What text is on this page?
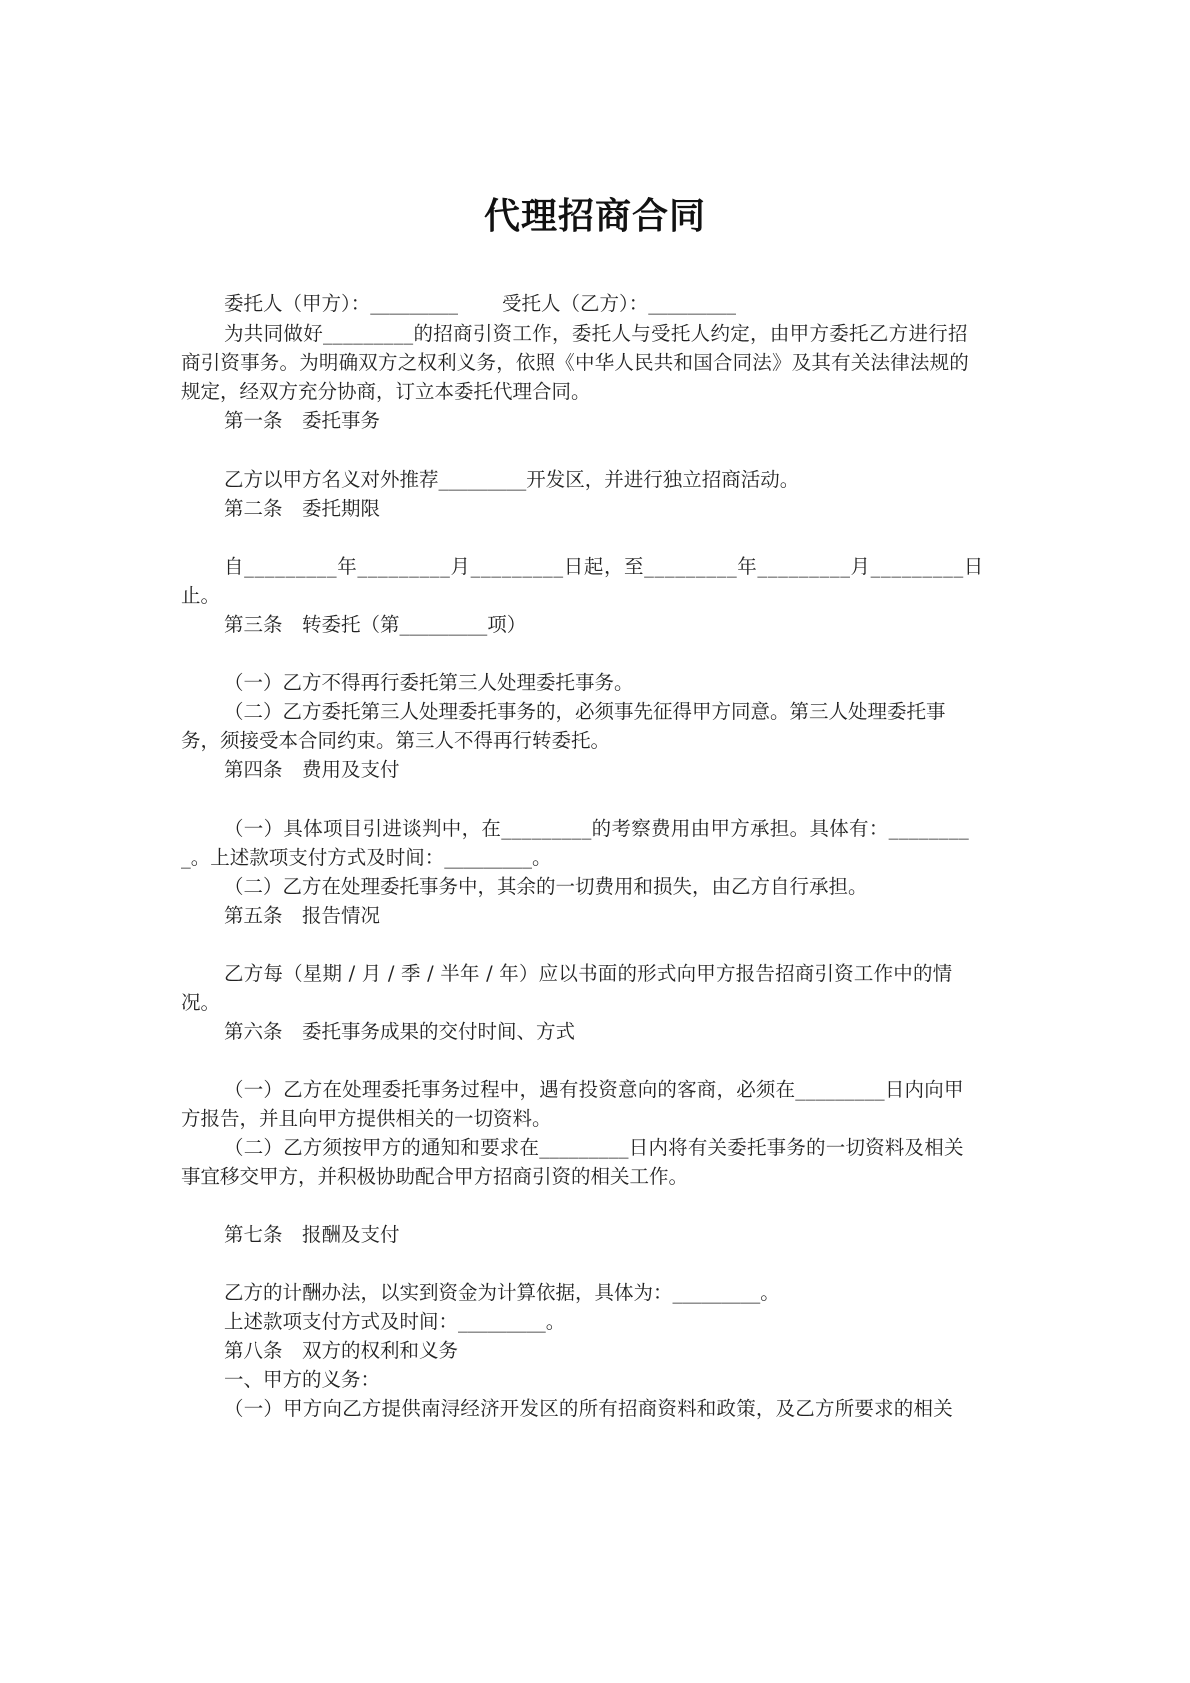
代理招商合同
委托人（甲方）：_________ 受托人（乙方）：_________
为共同做好_________的招商引资工作，委托人与受托人约定，由甲方委托乙方进行招
商引资事务。为明确双方之权利义务，依照《中华人民共和国合同法》及其有关法律法规的
规定，经双方充分协商，订立本委托代理合同。
第一条　委托事务
乙方以甲方名义对外推荐_________开发区，并进行独立招商活动。
第二条　委托期限
自_________年_________月_________日起，至_________年_________月_________日
止。
第三条　转委托（第_________项）
（一）乙方不得再行委托第三人处理委托事务。
（二）乙方委托第三人处理委托事务的，必须事先征得甲方同意。第三人处理委托事
务，须接受本合同约束。第三人不得再行转委托。
第四条　费用及支付
（一）具体项目引进谈判中，在_________的考察费用由甲方承担。具体有：________
_。上述款项支付方式及时间：_________。
（二）乙方在处理委托事务中，其余的一切费用和损失，由乙方自行承担。
第五条　报告情况
乙方每（星期 / 月 / 季 / 半年 / 年）应以书面的形式向甲方报告招商引资工作中的情
况。
第六条　委托事务成果的交付时间、方式
（一）乙方在处理委托事务过程中，遇有投资意向的客商，必须在_________日内向甲
方报告，并且向甲方提供相关的一切资料。
（二）乙方须按甲方的通知和要求在_________日内将有关委托事务的一切资料及相关
事宜移交甲方，并积极协助配合甲方招商引资的相关工作。
第七条　报酬及支付
乙方的计酬办法，以实到资金为计算依据，具体为：_________。
上述款项支付方式及时间：_________。
第八条　双方的权利和义务
一、甲方的义务：
（一）甲方向乙方提供南浔经济开发区的所有招商资料和政策，及乙方所要求的相关
